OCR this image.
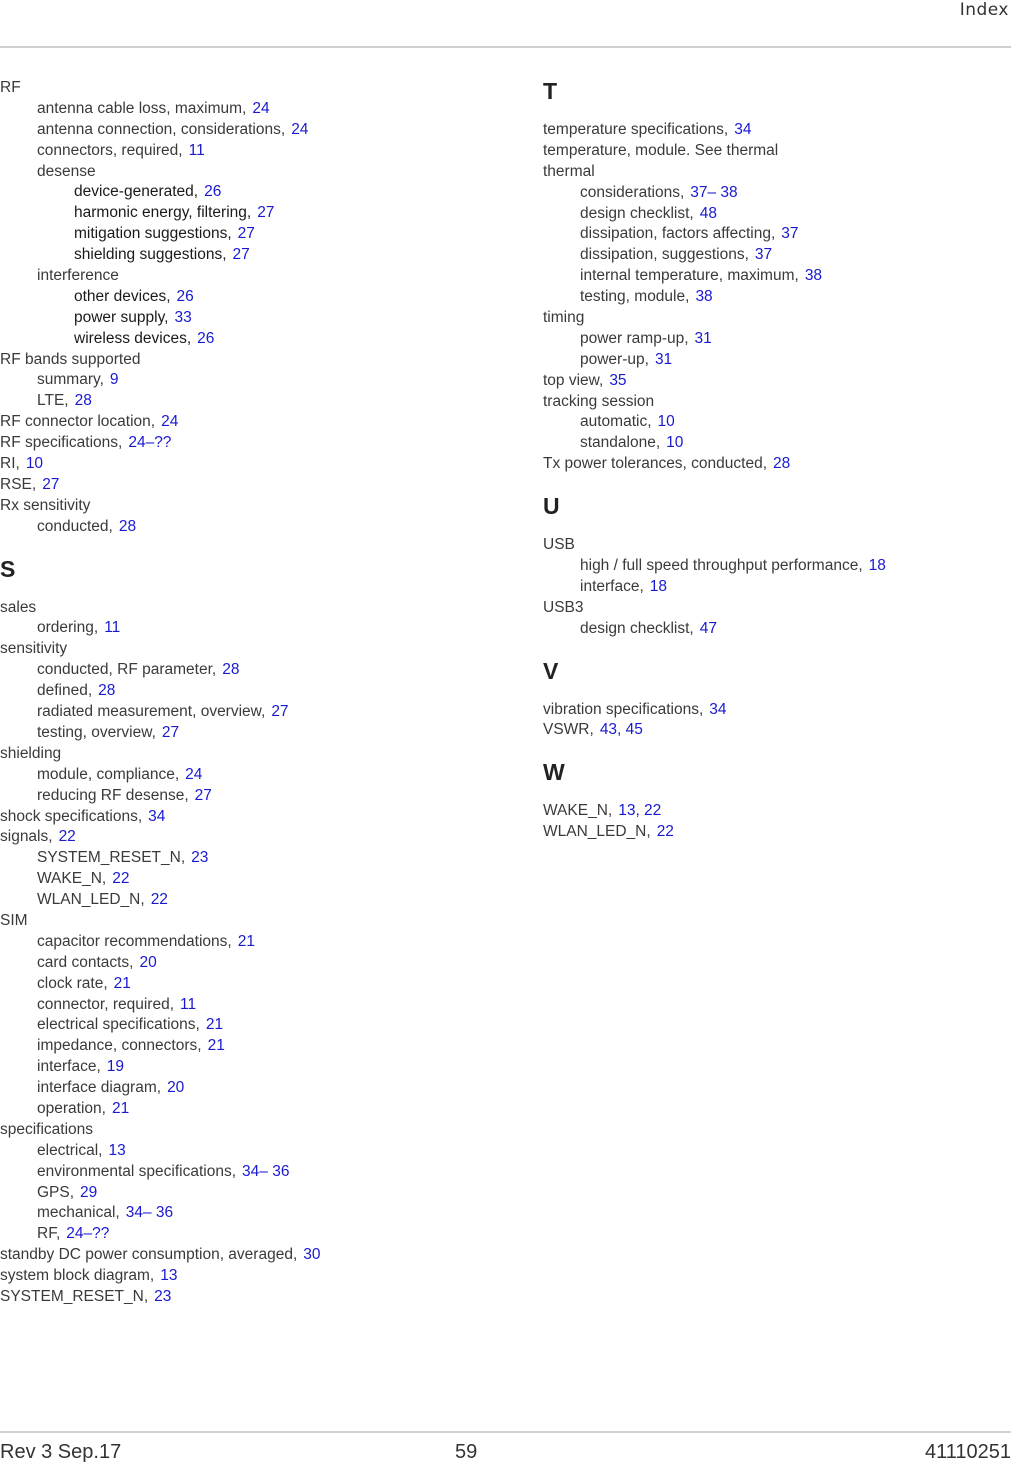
Index
RF
antenna cable loss, maximum, 24
antenna connection, considerations, 24
connectors, required, 11
desense
device-generated, 26
harmonic energy, filtering, 27
mitigation suggestions, 27
shielding suggestions, 27
interference
other devices, 26
power supply, 33
wireless devices, 26
RF bands supported
summary, 9
LTE, 28
RF connector location, 24
RF specifications, 24–??
RI, 10
RSE, 27
Rx sensitivity
conducted, 28
S
sales
ordering, 11
sensitivity
conducted, RF parameter, 28
defined, 28
radiated measurement, overview, 27
testing, overview, 27
shielding
module, compliance, 24
reducing RF desense, 27
shock specifications, 34
signals, 22
SYSTEM_RESET_N, 23
WAKE_N, 22
WLAN_LED_N, 22
SIM
capacitor recommendations, 21
card contacts, 20
clock rate, 21
connector, required, 11
electrical specifications, 21
impedance, connectors, 21
interface, 19
interface diagram, 20
operation, 21
specifications
electrical, 13
environmental specifications, 34– 36
GPS, 29
mechanical, 34– 36
RF, 24–??
standby DC power consumption, averaged, 30
system block diagram, 13
SYSTEM_RESET_N, 23
T
temperature specifications, 34
temperature, module. See thermal
thermal
considerations, 37– 38
design checklist, 48
dissipation, factors affecting, 37
dissipation, suggestions, 37
internal temperature, maximum, 38
testing, module, 38
timing
power ramp-up, 31
power-up, 31
top view, 35
tracking session
automatic, 10
standalone, 10
Tx power tolerances, conducted, 28
U
USB
high / full speed throughput performance, 18
interface, 18
USB3
design checklist, 47
V
vibration specifications, 34
VSWR, 43, 45
W
WAKE_N, 13, 22
WLAN_LED_N, 22
Rev 3 Sep.17	59	41110251
